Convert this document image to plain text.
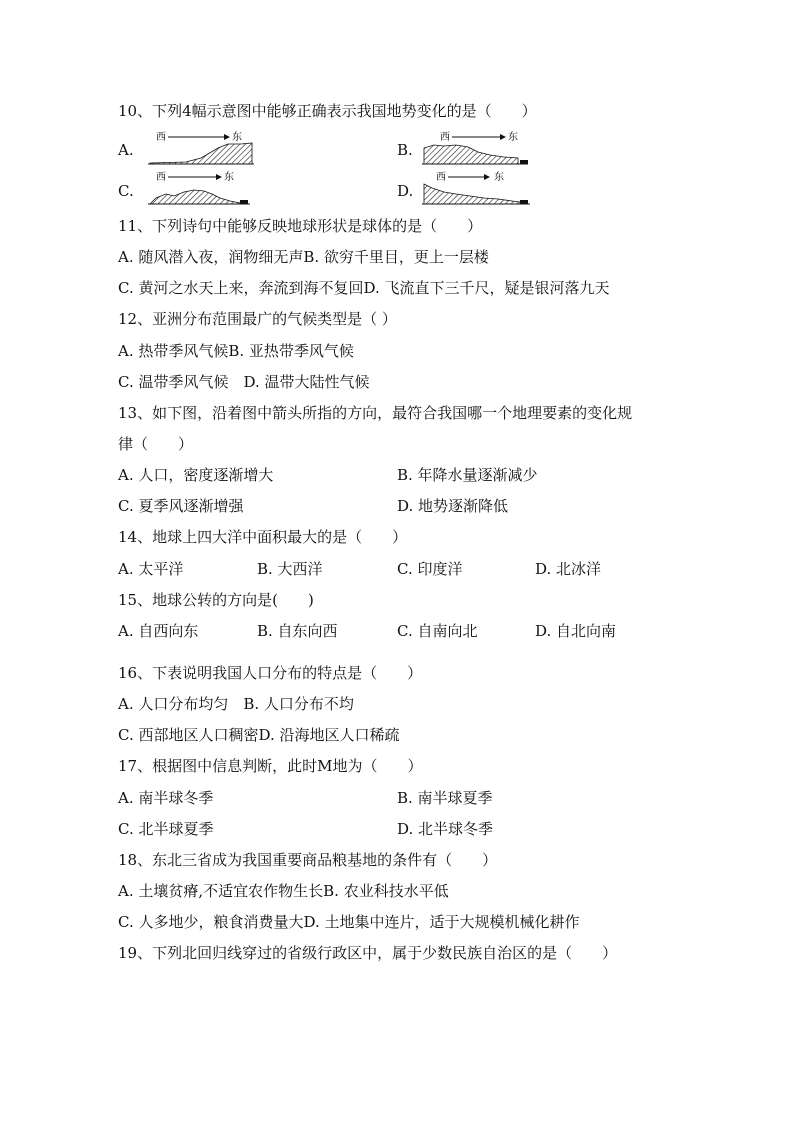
10、下列4幅示意图中能够正确表示我国地势变化的是（　　）
A.
西	东
B.
西	东
C.
西	东
D.
西	东
11、下列诗句中能够反映地球形状是球体的是（　　）
A. 随风潜入夜，润物细无声B. 欲穷千里目，更上一层楼
C. 黄河之水天上来，奔流到海不复回D. 飞流直下三千尺，疑是银河落九天
12、亚洲分布范围最广的气候类型是（ ）
A. 热带季风气候B. 亚热带季风气候
C. 温带季风气候　D. 温带大陆性气候
13、如下图，沿着图中箭头所指的方向，最符合我国哪一个地理要素的变化规
律（　　）
A. 人口，密度逐渐增大	B. 年降水量逐渐减少
C. 夏季风逐渐增强	D. 地势逐渐降低
14、地球上四大洋中面积最大的是（　　）
A. 太平洋	B. 大西洋	C. 印度洋	D. 北冰洋
15、地球公转的方向是(　　)
A. 自西向东	B. 自东向西	C. 自南向北	D. 自北向南
16、下表说明我国人口分布的特点是（　　）
A. 人口分布均匀　B. 人口分布不均
C. 西部地区人口稠密D. 沿海地区人口稀疏
17、根据图中信息判断，此时M地为（　　）
A. 南半球冬季	B. 南半球夏季
C. 北半球夏季	D. 北半球冬季
18、东北三省成为我国重要商品粮基地的条件有（　　）
A. 土壤贫瘠,不适宜农作物生长B. 农业科技水平低
C. 人多地少，粮食消费量大D. 土地集中连片，适于大规模机械化耕作
19、下列北回归线穿过的省级行政区中，属于少数民族自治区的是（　　）
